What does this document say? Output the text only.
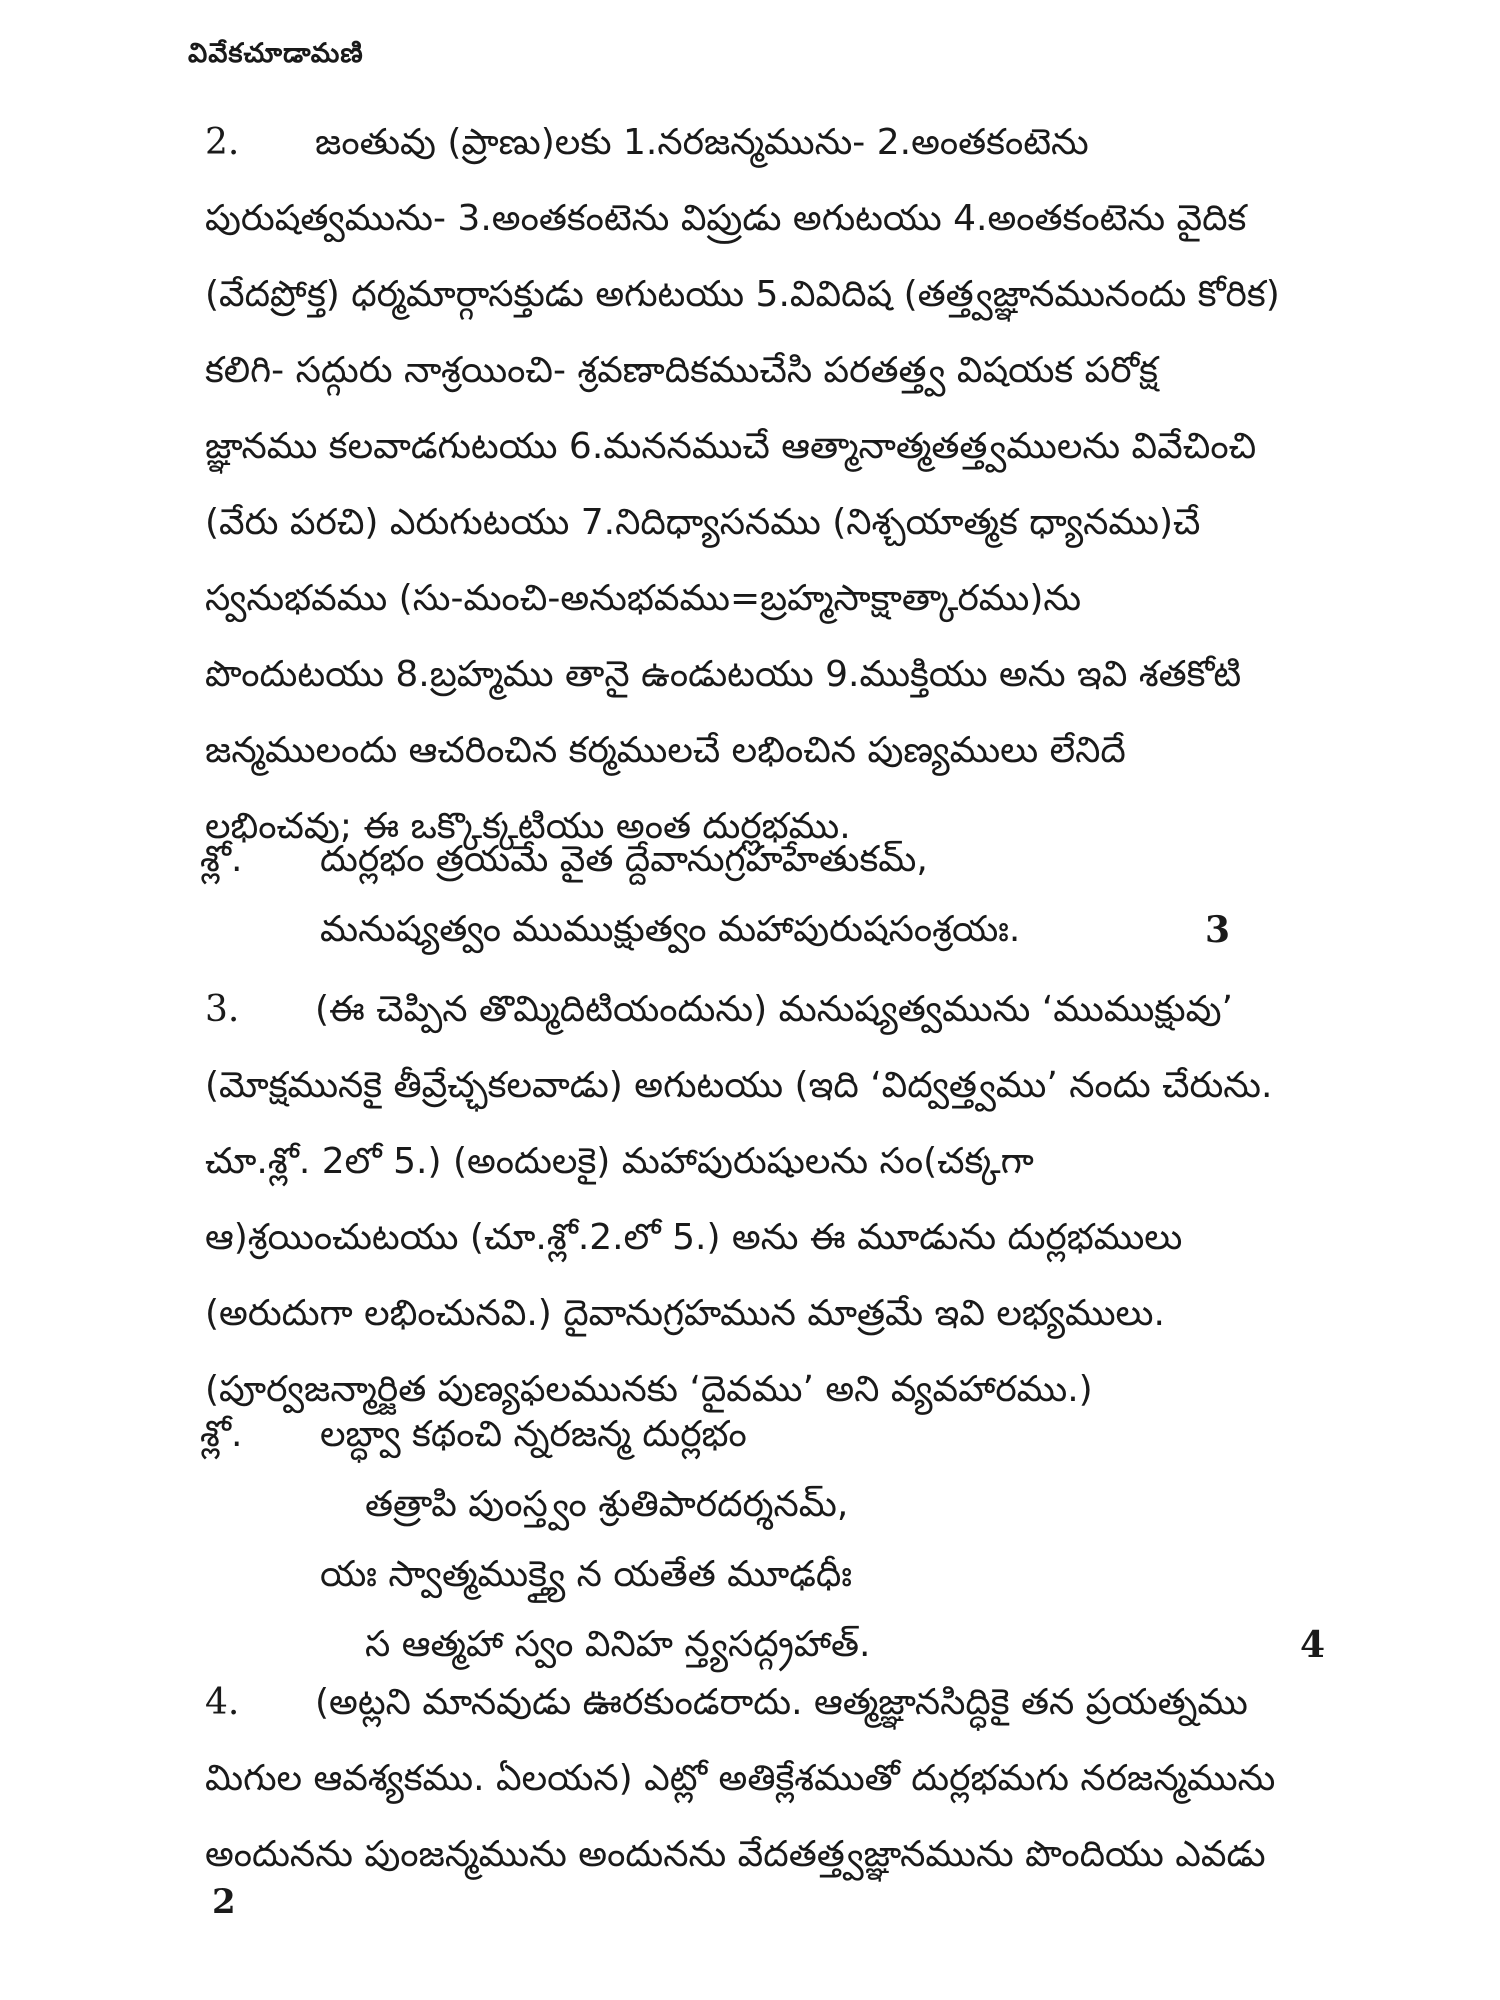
వివేకచూడామణి
2. జంతువు (ప్రాణు)లకు 1.నరజన్మమును- 2.అంతకంటెను
పురుషత్వమును- 3.అంతకంటెను విప్రుడు అగుటయు 4.అంతకంటెను వైదిక
(వేదప్రోక్త) ధర్మమార్గాసక్తుడు అగుటయు 5.వివిదిష (తత్త్వజ్ఞానమునందు కోరిక)
కలిగి- సద్గురు నాశ్రయించి- శ్రవణాదికముచేసి పరతత్త్వ విషయక పరోక్ష
జ్ఞానము కలవాడగుటయు 6.మననముచే ఆత్మానాత్మతత్త్వములను వివేచించి
(వేరు పరచి) ఎరుగుటయు 7.నిదిధ్యాసనము (నిశ్చయాత్మక ధ్యానము)చే
స్వనుభవము (సు-మంచి-అనుభవము=బ్రహ్మసాక్షాత్కారము)ను
పొందుటయు 8.బ్రహ్మము తానై ఉండుటయు 9.ముక్తియు అను ఇవి శతకోటి
జన్మములందు ఆచరించిన కర్మములచే లభించిన పుణ్యములు లేనిదే
లభించవు; ఈ ఒక్కొక్కటియు అంత దుర్లభము.
శ్లో. దుర్లభం త్రయమే వైత ద్దేవానుగ్రహహేతుకమ్,
మనుష్యత్వం ముముక్షుత్వం మహాపురుషసంశ్రయః.	3
3. (ఈ చెప్పిన తొమ్మిదిటియందును) మనుష్యత్వమును ‘ముముక్షువు’
(మోక్షమునకై తీవ్రేచ్ఛకలవాడు) అగుటయు (ఇది ‘విద్వత్త్వము’ నందు చేరును.
చూ.శ్లో. 2లో 5.) (అందులకై) మహాపురుషులను సం(చక్కగా
ఆ)శ్రయించుటయు (చూ.శ్లో.2.లో 5.) అను ఈ మూడును దుర్లభములు
(అరుదుగా లభించునవి.) దైవానుగ్రహమున మాత్రమే ఇవి లభ్యములు.
(పూర్వజన్మార్జిత పుణ్యఫలమునకు ‘దైవము’ అని వ్యవహారము.)
శ్లో. లబ్ధ్వా కథంచి న్నరజన్మ దుర్లభం
తత్రాపి పుంస్త్వం శ్రుతిపారదర్శనమ్,
యః స్వాత్మముక్త్యై న యతేత మూఢధీః
స ఆత్మహా స్వం వినిహ న్త్యసద్గ్రహాత్.	4
4. (అట్లని మానవుడు ఊరకుండరాదు. ఆత్మజ్ఞానసిద్ధికై తన ప్రయత్నము
మిగుల ఆవశ్యకము. ఏలయన) ఎట్లో అతిక్లేశముతో దుర్లభమగు నరజన్మమును
అందునను పుంజన్మమును అందునను వేదతత్త్వజ్ఞానమును పొందియు ఎవడు
2
